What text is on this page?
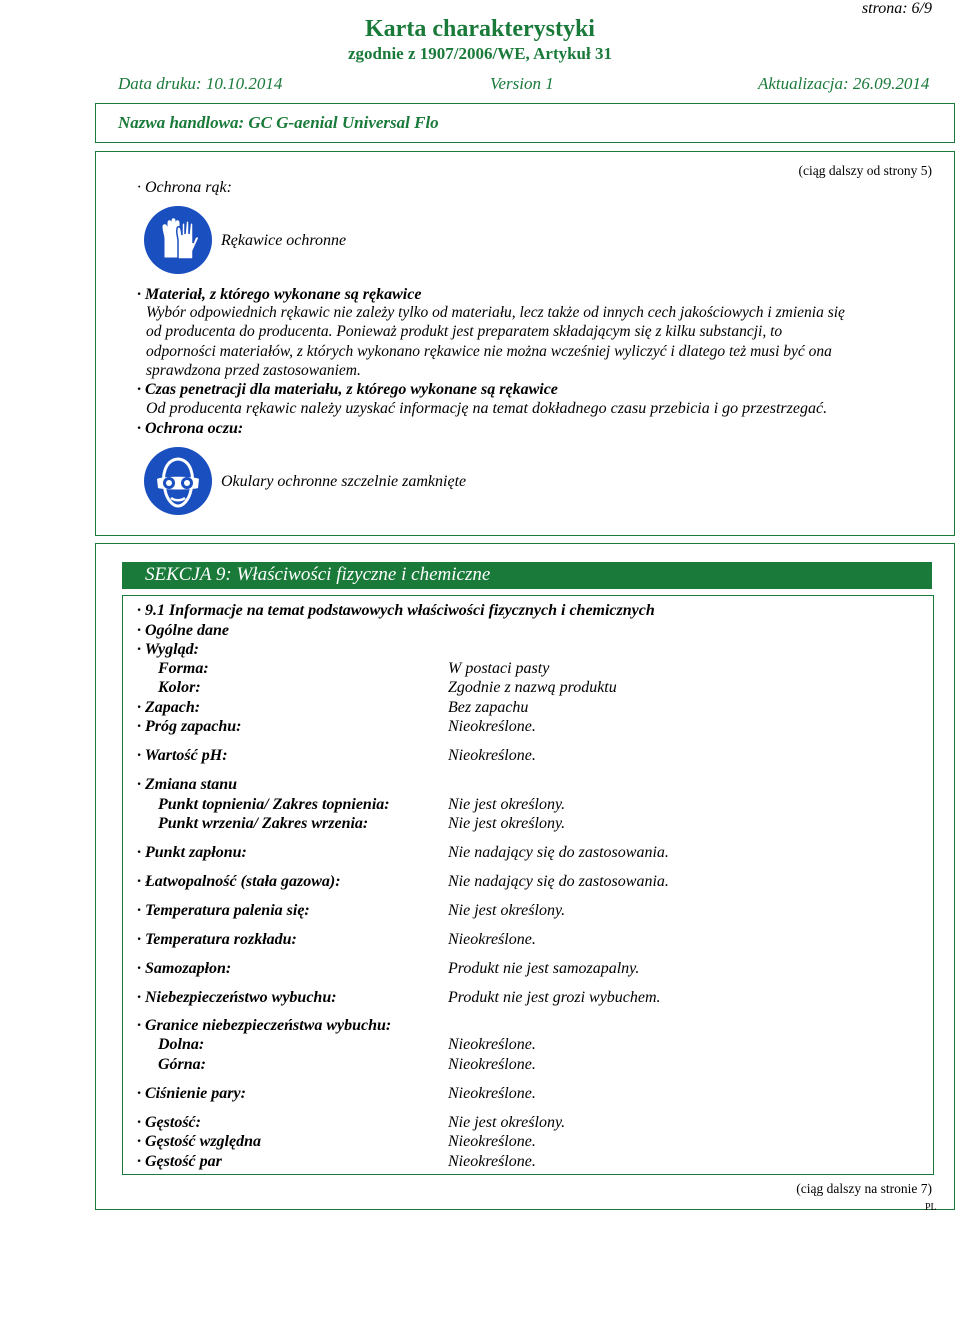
strona: 6/9
Karta charakterystyki
zgodnie z 1907/2006/WE, Artykuł 31
Data druku: 10.10.2014	Version 1	Aktualizacja: 26.09.2014
Nazwa handlowa: GC G-aenial Universal Flo
(ciąg dalszy od strony 5)
· Ochrona rąk:
Rękawice ochronne
· Materiał, z którego wykonane są rękawice
Wybór odpowiednich rękawic nie zależy tylko od materiału, lecz także od innych cech jakościowych i zmienia się
od producenta do producenta. Ponieważ produkt jest preparatem składającym się z kilku substancji, to
odporności materiałów, z których wykonano rękawice nie można wcześniej wyliczyć i dlatego też musi być ona
sprawdzona przed zastosowaniem.
· Czas penetracji dla materiału, z którego wykonane są rękawice
Od producenta rękawic należy uzyskać informację na temat dokładnego czasu przebicia i go przestrzegać.
· Ochrona oczu:
Okulary ochronne szczelnie zamknięte
SEKCJA 9: Właściwości fizyczne i chemiczne
· 9.1 Informacje na temat podstawowych właściwości fizycznych i chemicznych
· Ogólne dane
· Wygląd:
Forma:	W postaci pasty
Kolor:	Zgodnie z nazwą produktu
· Zapach:	Bez zapachu
· Próg zapachu:	Nieokreślone.
· Wartość pH:	Nieokreślone.
· Zmiana stanu
Punkt topnienia/ Zakres topnienia:	Nie jest określony.
Punkt wrzenia/ Zakres wrzenia:	Nie jest określony.
· Punkt zapłonu:	Nie nadający się do zastosowania.
· Łatwopalność (stała gazowa):	Nie nadający się do zastosowania.
· Temperatura palenia się:	Nie jest określony.
· Temperatura rozkładu:	Nieokreślone.
· Samozapłon:	Produkt nie jest samozapalny.
· Niebezpieczeństwo wybuchu:	Produkt nie jest grozi wybuchem.
· Granice niebezpieczeństwa wybuchu:
Dolna:	Nieokreślone.
Górna:	Nieokreślone.
· Ciśnienie pary:	Nieokreślone.
· Gęstość:	Nie jest określony.
· Gęstość względna	Nieokreślone.
· Gęstość par	Nieokreślone.
(ciąg dalszy na stronie 7)
PL
